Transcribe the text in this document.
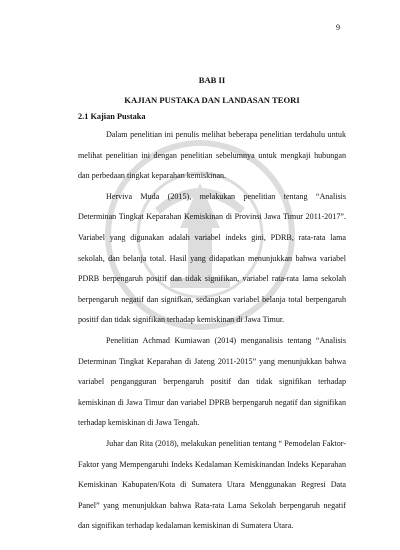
9

BAB II

KAJIAN PUSTAKA DAN LANDASAN TEORI

2.1 Kajian Pustaka

Dalam penelitian ini penulis melihat beberapa penelitian terdahulu untuk melihat penelitian ini dengan penelitian sebelumnya untuk mengkaji hubungan dan perbedaan tingkat keparahan kemiskinan.

Herviva Muda (2015), melakukan penelitian tentang “Analisis Determinan Tingkat Keparahan Kemiskinan di Provinsi Jawa Timur 2011-2017”. Variabel yang digunakan adalah variabel indeks gini, PDRB, rata-rata lama sekolah, dan belanja total. Hasil yang didapatkan menunjukkan bahwa variabel PDRB berpengaruh positif dan tidak signifikan, variabel rata-rata lama sekolah berpengaruh negatif dan signifkan, sedangkan variabel belanja total berpengaruh positif dan tidak signifikan terhadap kemiskinan di Jawa Timur.

Penelitian Achmad Kumiawan (2014) menganalisis tentang “Analisis Determinan Tingkat Keparahan di Jateng 2011-2015” yang menunjukkan bahwa variabel pengangguran berpengaruh positif dan tidak signifikan terhadap kemiskinan di Jawa Timur dan variabel DPRB berpengaruh negatif dan signifikan terhadap kemiskinan di Jawa Tengah.

Juhar dan Rita (2018), melakukan penelitian tentang “ Pemodelan Faktor-Faktor yang Mempengaruhi Indeks Kedalaman Kemiskinandan Indeks Keparahan Kemiskinan Kabupaten/Kota di Sumatera Utara Menggunakan Regresi Data Panel” yang menunjukkan bahwa Rata-rata Lama Sekolah berpengaruh negatif dan signifikan terhadap kedalaman kemiskinan di Sumatera Utara.
